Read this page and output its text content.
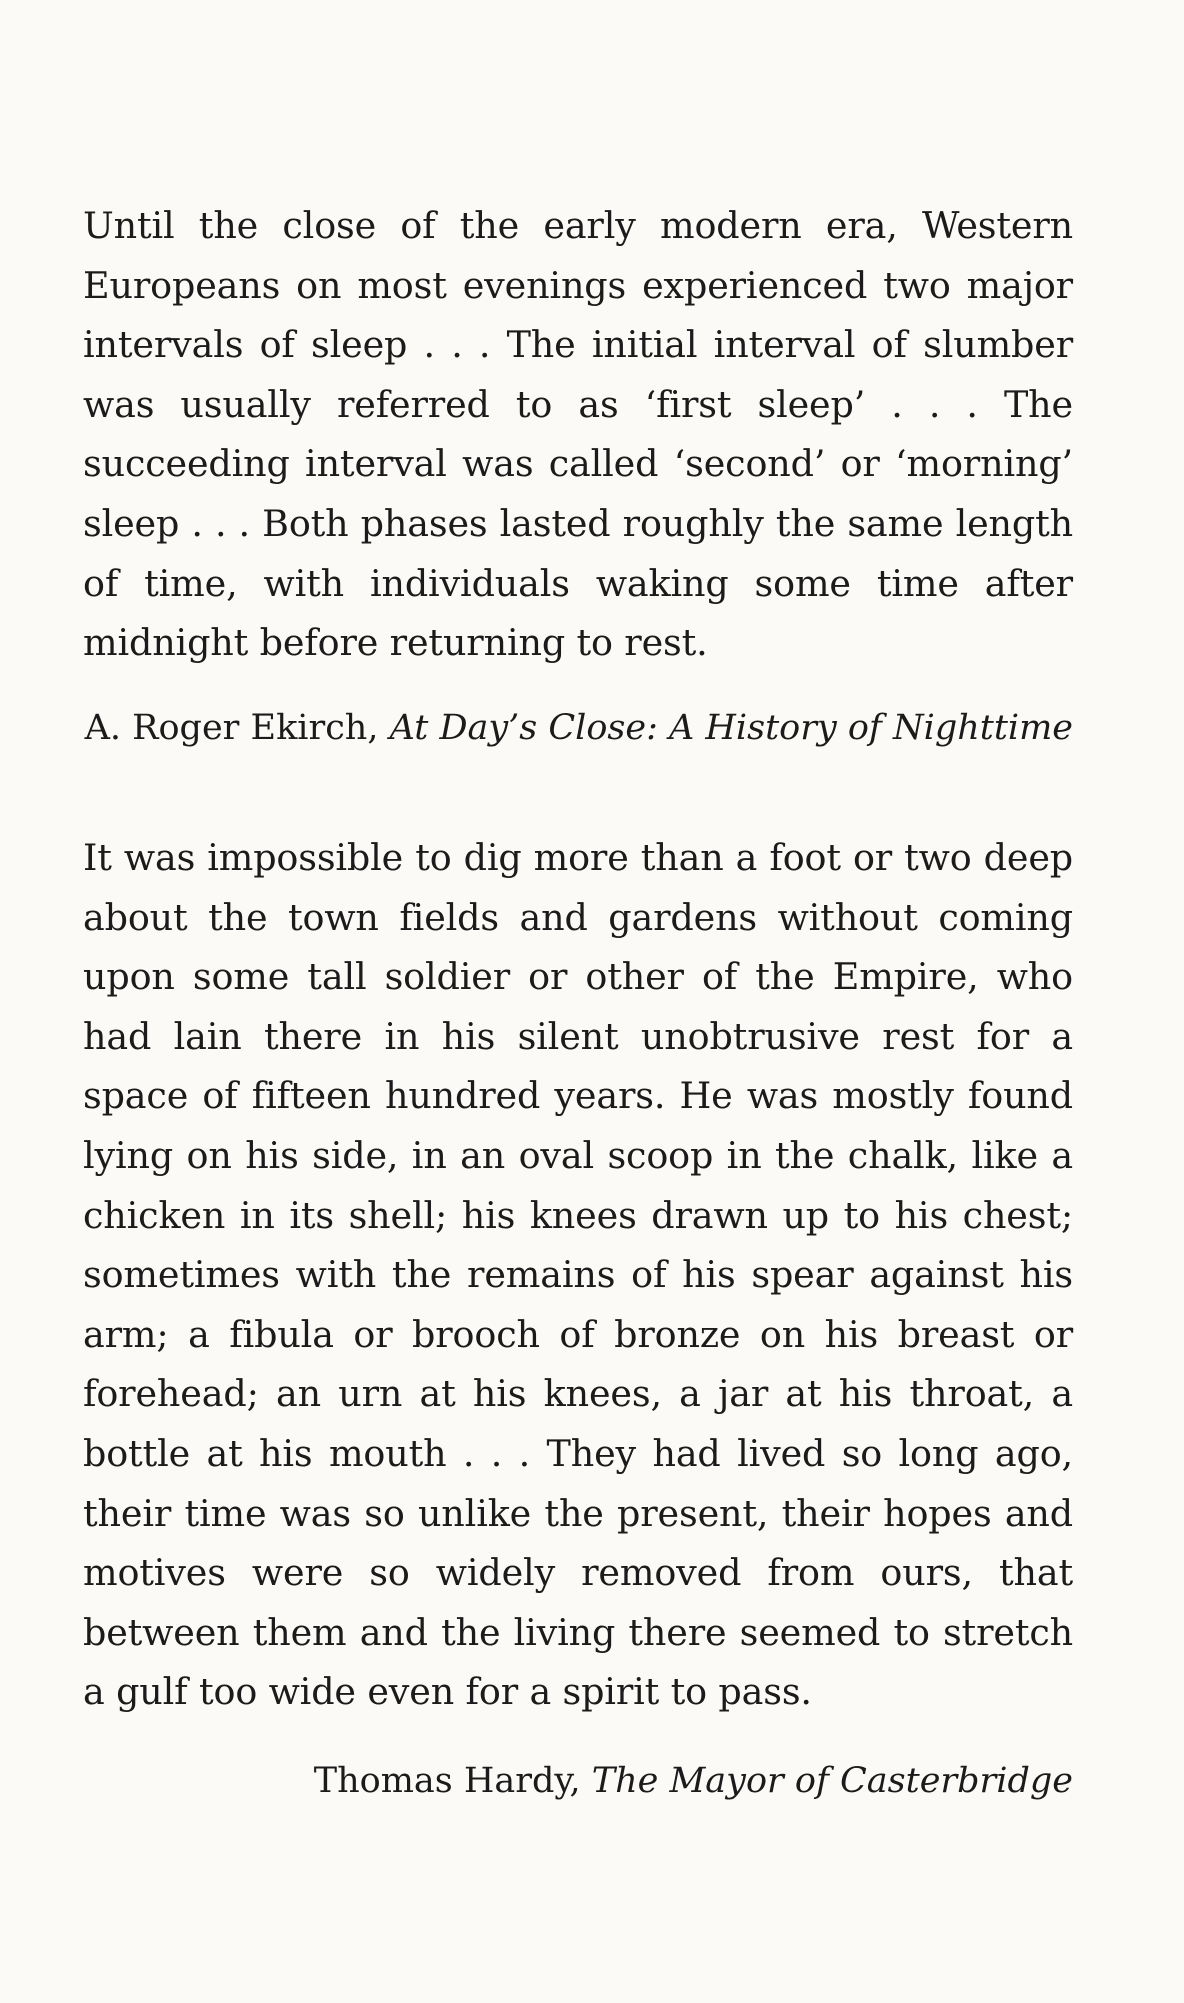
Until the close of the early modern era, Western Europeans on most evenings experienced two major intervals of sleep . . . The initial interval of slumber was usually referred to as ‘first sleep’ . . . The succeeding interval was called ‘second’ or ‘morning’ sleep . . . Both phases lasted roughly the same length of time, with individuals waking some time after midnight before returning to rest.

A. Roger Ekirch, At Day’s Close: A History of Nighttime

It was impossible to dig more than a foot or two deep about the town fields and gardens without coming upon some tall soldier or other of the Empire, who had lain there in his silent unobtrusive rest for a space of fifteen hundred years. He was mostly found lying on his side, in an oval scoop in the chalk, like a chicken in its shell; his knees drawn up to his chest; sometimes with the remains of his spear against his arm; a fibula or brooch of bronze on his breast or forehead; an urn at his knees, a jar at his throat, a bottle at his mouth . . . They had lived so long ago, their time was so unlike the present, their hopes and motives were so widely removed from ours, that between them and the living there seemed to stretch a gulf too wide even for a spirit to pass.

Thomas Hardy, The Mayor of Casterbridge
